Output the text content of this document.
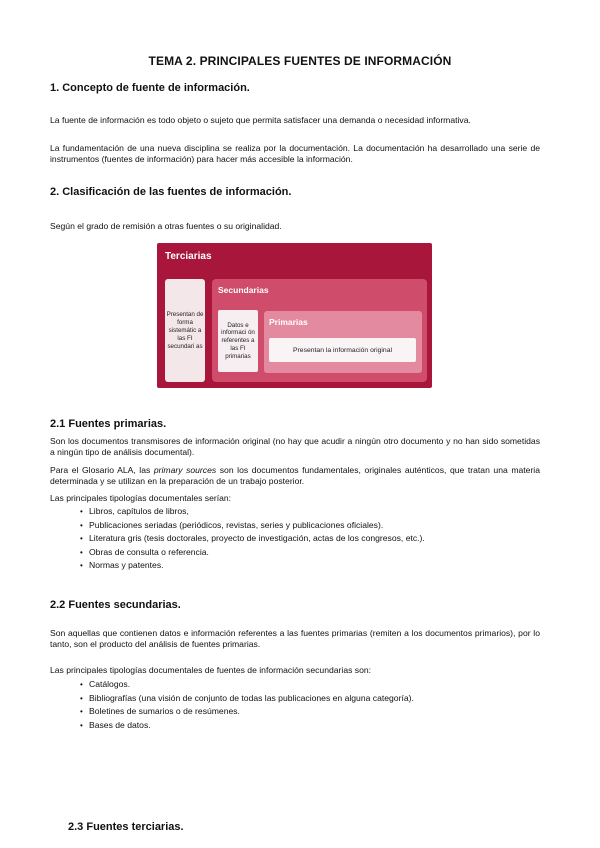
TEMA 2. PRINCIPALES FUENTES DE INFORMACIÓN
1. Concepto de fuente de información.
La fuente de información es todo objeto o sujeto que permita satisfacer una demanda o necesidad informativa.
La fundamentación de una nueva disciplina se realiza por la documentación. La documentación ha desarrollado una serie de instrumentos (fuentes de información) para hacer más accesible la información.
2. Clasificación de las fuentes de información.
Según el grado de remisión a otras fuentes o su originalidad.
Terciarias
Presentan de forma sistemátic a las FI secundari as
Secundarias
Datos e informaci ón referentes a las FI primarias
Primarias
Presentan la información original
2.1 Fuentes primarias.
Son los documentos transmisores de información original (no hay que acudir a ningún otro documento y no han sido sometidas a ningún tipo de análisis documental).
Para el Glosario ALA, las primary sources son los documentos fundamentales, originales auténticos, que tratan una materia determinada y se utilizan en la preparación de un trabajo posterior.
Las principales tipologías documentales serían:
• Libros, capítulos de libros,
• Publicaciones seriadas (periódicos, revistas, series y publicaciones oficiales).
• Literatura gris (tesis doctorales, proyecto de investigación, actas de los congresos, etc.).
• Obras de consulta o referencia.
• Normas y patentes.
2.2 Fuentes secundarias.
Son aquellas que contienen datos e información referentes a las fuentes primarias (remiten a los documentos primarios), por lo tanto, son el producto del análisis de fuentes primarias.
Las principales tipologías documentales de fuentes de información secundarias son:
• Catálogos.
• Bibliografías (una visión de conjunto de todas las publicaciones en alguna categoría).
• Boletines de sumarios o de resúmenes.
• Bases de datos.
2.3 Fuentes terciarias.
